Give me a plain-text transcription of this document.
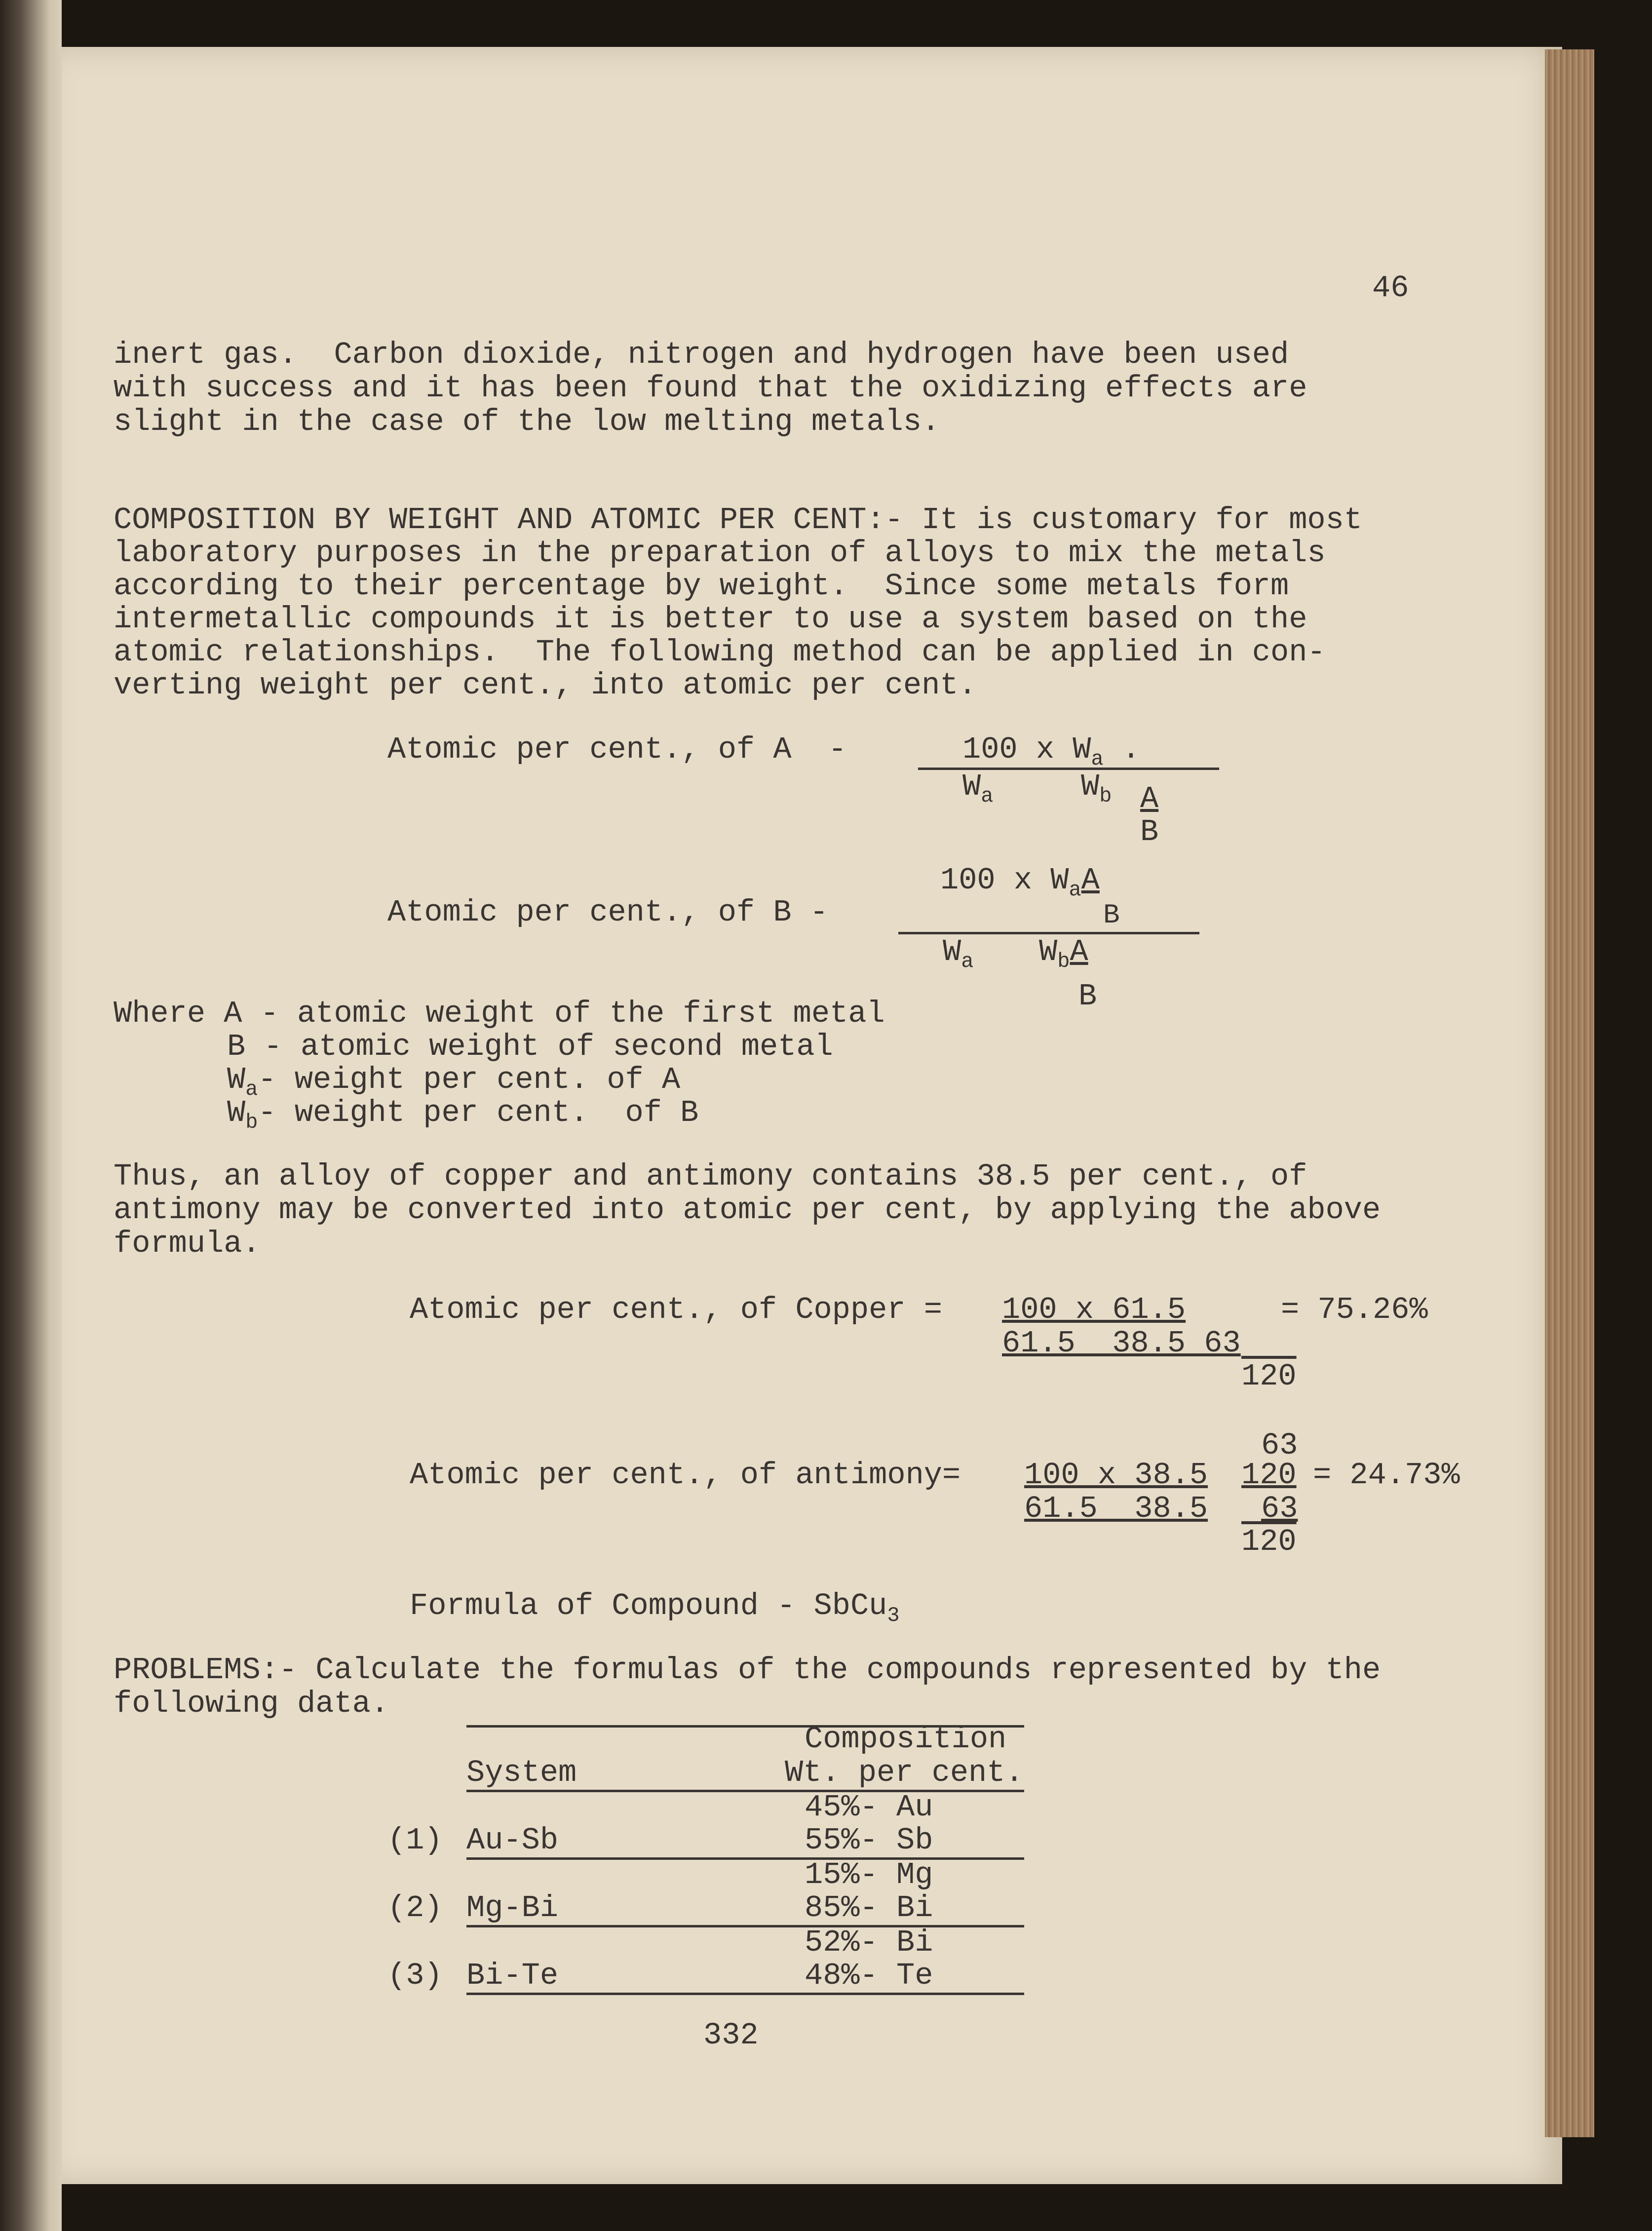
46
inert gas.  Carbon dioxide, nitrogen and hydrogen have been used
with success and it has been found that the oxidizing effects are
slight in the case of the low melting metals.
COMPOSITION BY WEIGHT AND ATOMIC PER CENT:- It is customary for most
laboratory purposes in the preparation of alloys to mix the metals
according to their percentage by weight.  Since some metals form
intermetallic compounds it is better to use a system based on the
atomic relationships.  The following method can be applied in con-
verting weight per cent., into atomic per cent.
Atomic per cent., of A  -	100 x $W_a$ .
$W_a$	$W_b$ A
B
100 x $W_aA$
B
Atomic per cent., of B -
$W_a$ $W_bA$
B
Where A - atomic weight of the first metal
B - atomic weight of second metal
$W_a-$ weight per cent. of A
$W_b-$ weight per cent.  of B
Thus, an alloy of copper and antimony contains 38.5 per cent., of
antimony may be converted into atomic per cent, by applying the above
formula.
Atomic per cent., of Copper = 100 x 61.5	= 75.26%
61.5  38.5 63
120
63
Atomic per cent., of antimony= 100 x 38.5 120 = 24.73%
61.5  38.5 63
120
Formula of Compound - SbCu$_3$
PROBLEMS:- Calculate the formulas of the compounds represented by the
following data.
Composition
System	Wt. per cent.
45%- Au
(1) Au-Sb	55%- Sb
15%- Mg
(2) Mg-Bi	85%- Bi
52%- Bi
(3) Bi-Te	48%- Te
332
